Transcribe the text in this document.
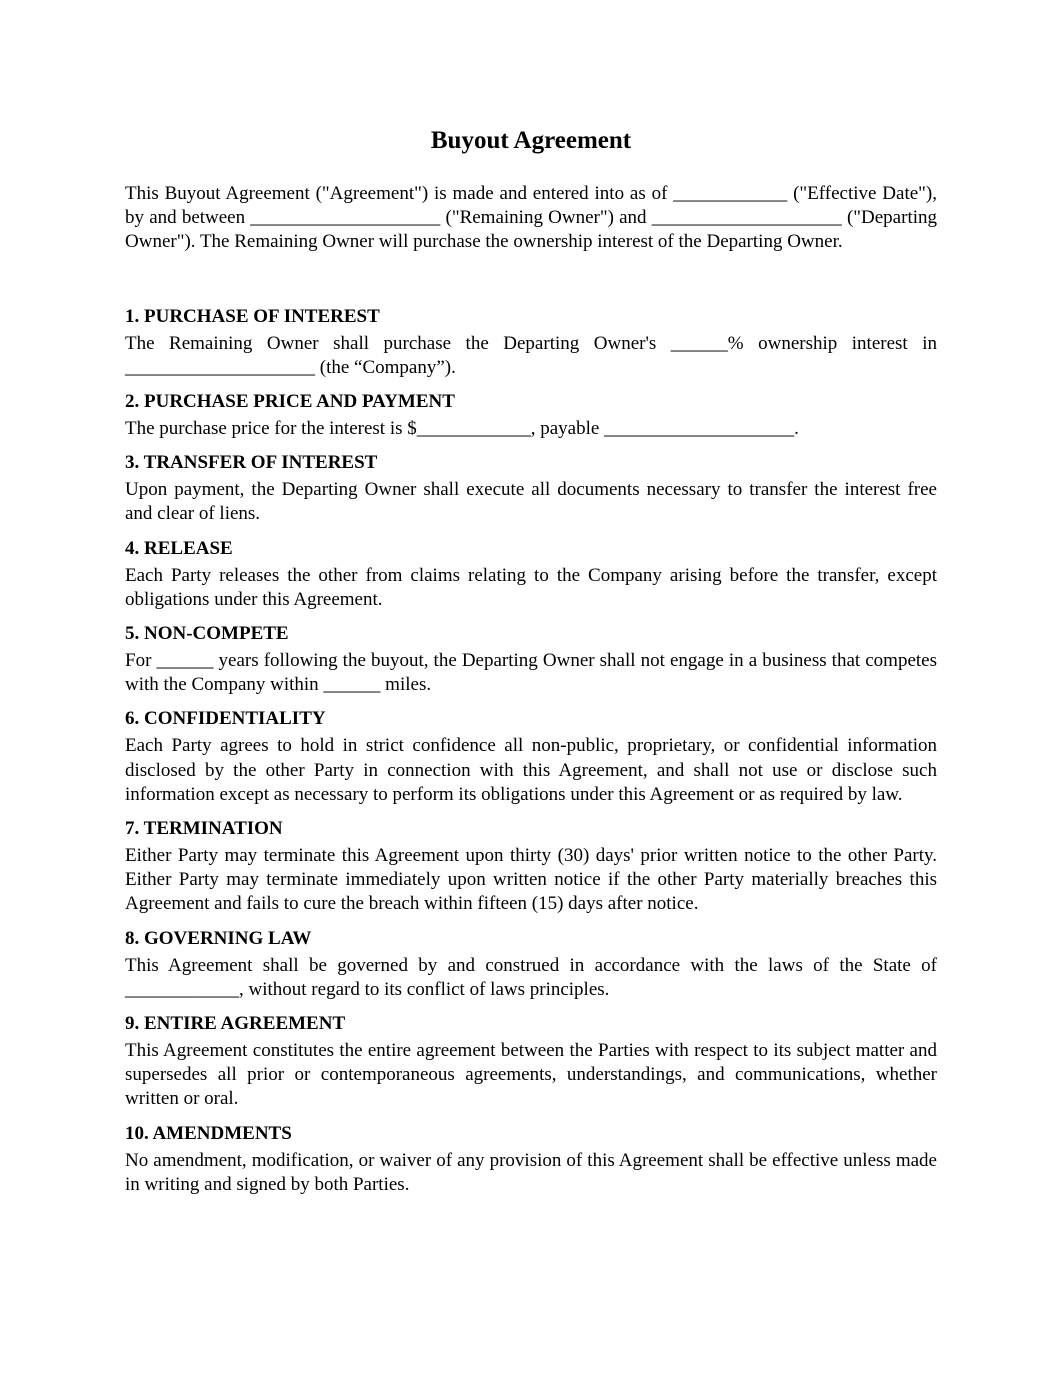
Buyout Agreement

This Buyout Agreement ("Agreement") is made and entered into as of ____________ ("Effective Date"), by and between ____________________ ("Remaining Owner") and ____________________ ("Departing Owner"). The Remaining Owner will purchase the ownership interest of the Departing Owner.

1. PURCHASE OF INTEREST

The Remaining Owner shall purchase the Departing Owner's ______% ownership interest in ____________________ (the “Company”).

2. PURCHASE PRICE AND PAYMENT

The purchase price for the interest is $____________, payable ____________________.

3. TRANSFER OF INTEREST

Upon payment, the Departing Owner shall execute all documents necessary to transfer the interest free and clear of liens.

4. RELEASE

Each Party releases the other from claims relating to the Company arising before the transfer, except obligations under this Agreement.

5. NON-COMPETE

For ______ years following the buyout, the Departing Owner shall not engage in a business that competes with the Company within ______ miles.

6. CONFIDENTIALITY

Each Party agrees to hold in strict confidence all non-public, proprietary, or confidential information disclosed by the other Party in connection with this Agreement, and shall not use or disclose such information except as necessary to perform its obligations under this Agreement or as required by law.

7. TERMINATION

Either Party may terminate this Agreement upon thirty (30) days' prior written notice to the other Party. Either Party may terminate immediately upon written notice if the other Party materially breaches this Agreement and fails to cure the breach within fifteen (15) days after notice.

8. GOVERNING LAW

This Agreement shall be governed by and construed in accordance with the laws of the State of ____________, without regard to its conflict of laws principles.

9. ENTIRE AGREEMENT

This Agreement constitutes the entire agreement between the Parties with respect to its subject matter and supersedes all prior or contemporaneous agreements, understandings, and communications, whether written or oral.

10. AMENDMENTS

No amendment, modification, or waiver of any provision of this Agreement shall be effective unless made in writing and signed by both Parties.
